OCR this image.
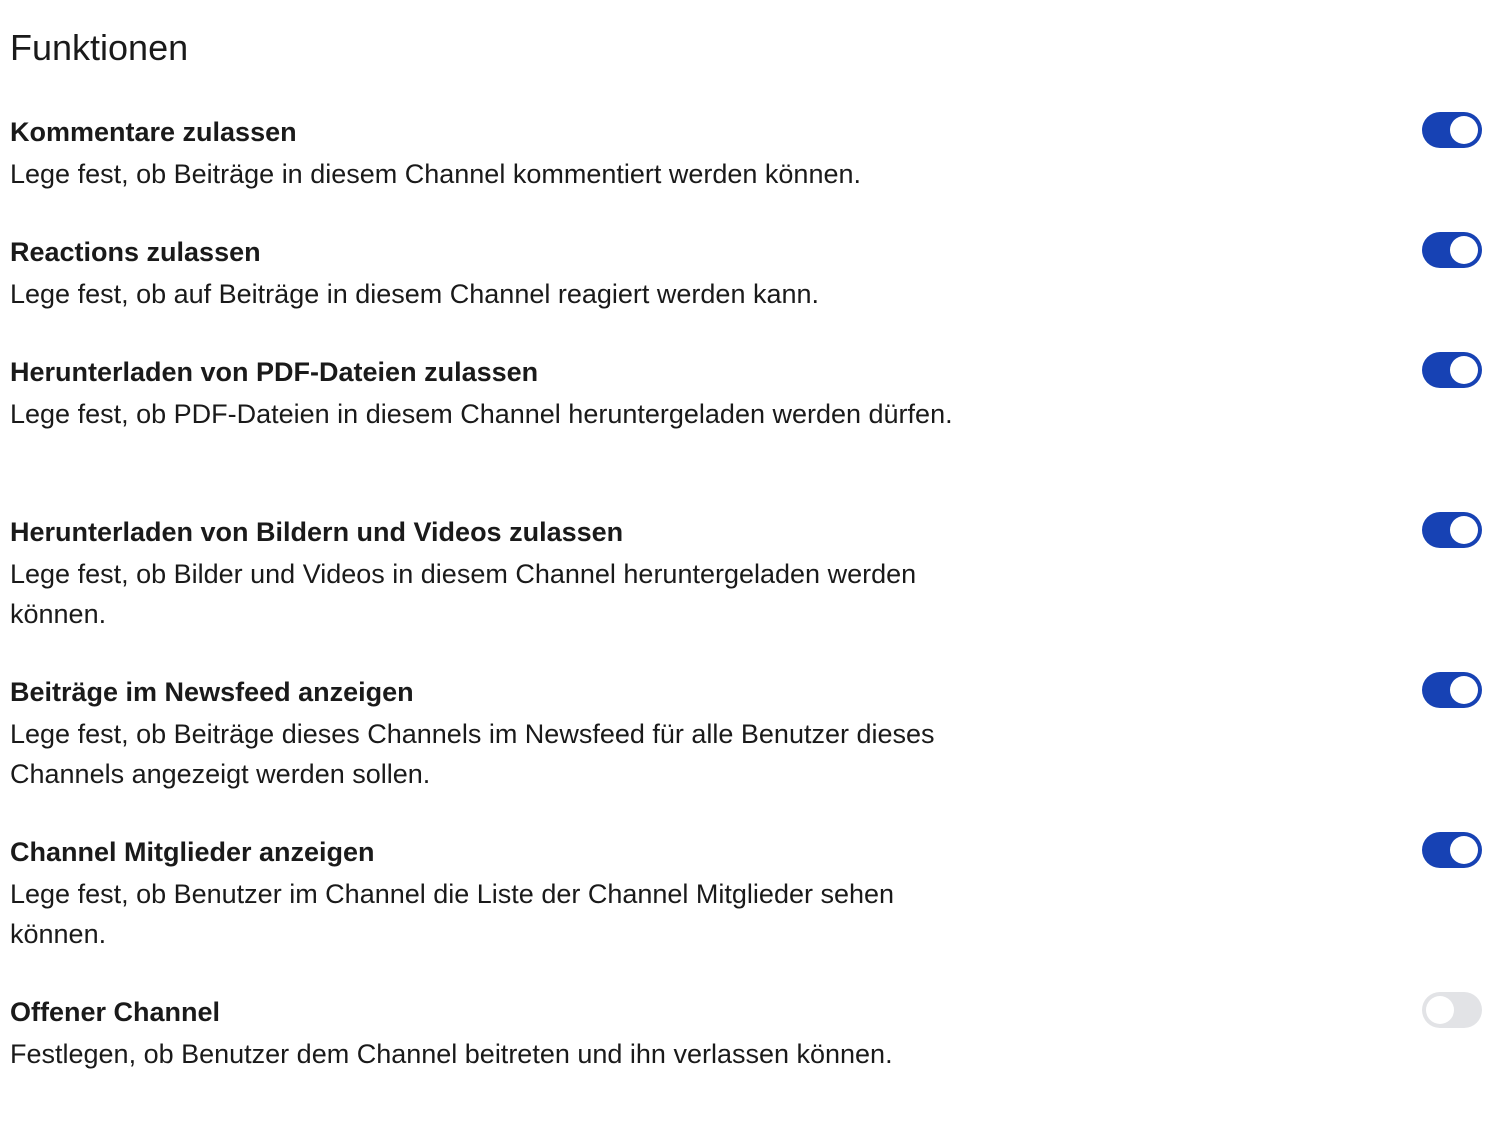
Funktionen
Kommentare zulassen
Lege fest, ob Beiträge in diesem Channel kommentiert werden können.
Reactions zulassen
Lege fest, ob auf Beiträge in diesem Channel reagiert werden kann.
Herunterladen von PDF-Dateien zulassen
Lege fest, ob PDF-Dateien in diesem Channel heruntergeladen werden dürfen.
Herunterladen von Bildern und Videos zulassen
Lege fest, ob Bilder und Videos in diesem Channel heruntergeladen werden können.
Beiträge im Newsfeed anzeigen
Lege fest, ob Beiträge dieses Channels im Newsfeed für alle Benutzer dieses Channels angezeigt werden sollen.
Channel Mitglieder anzeigen
Lege fest, ob Benutzer im Channel die Liste der Channel Mitglieder sehen können.
Offener Channel
Festlegen, ob Benutzer dem Channel beitreten und ihn verlassen können.
